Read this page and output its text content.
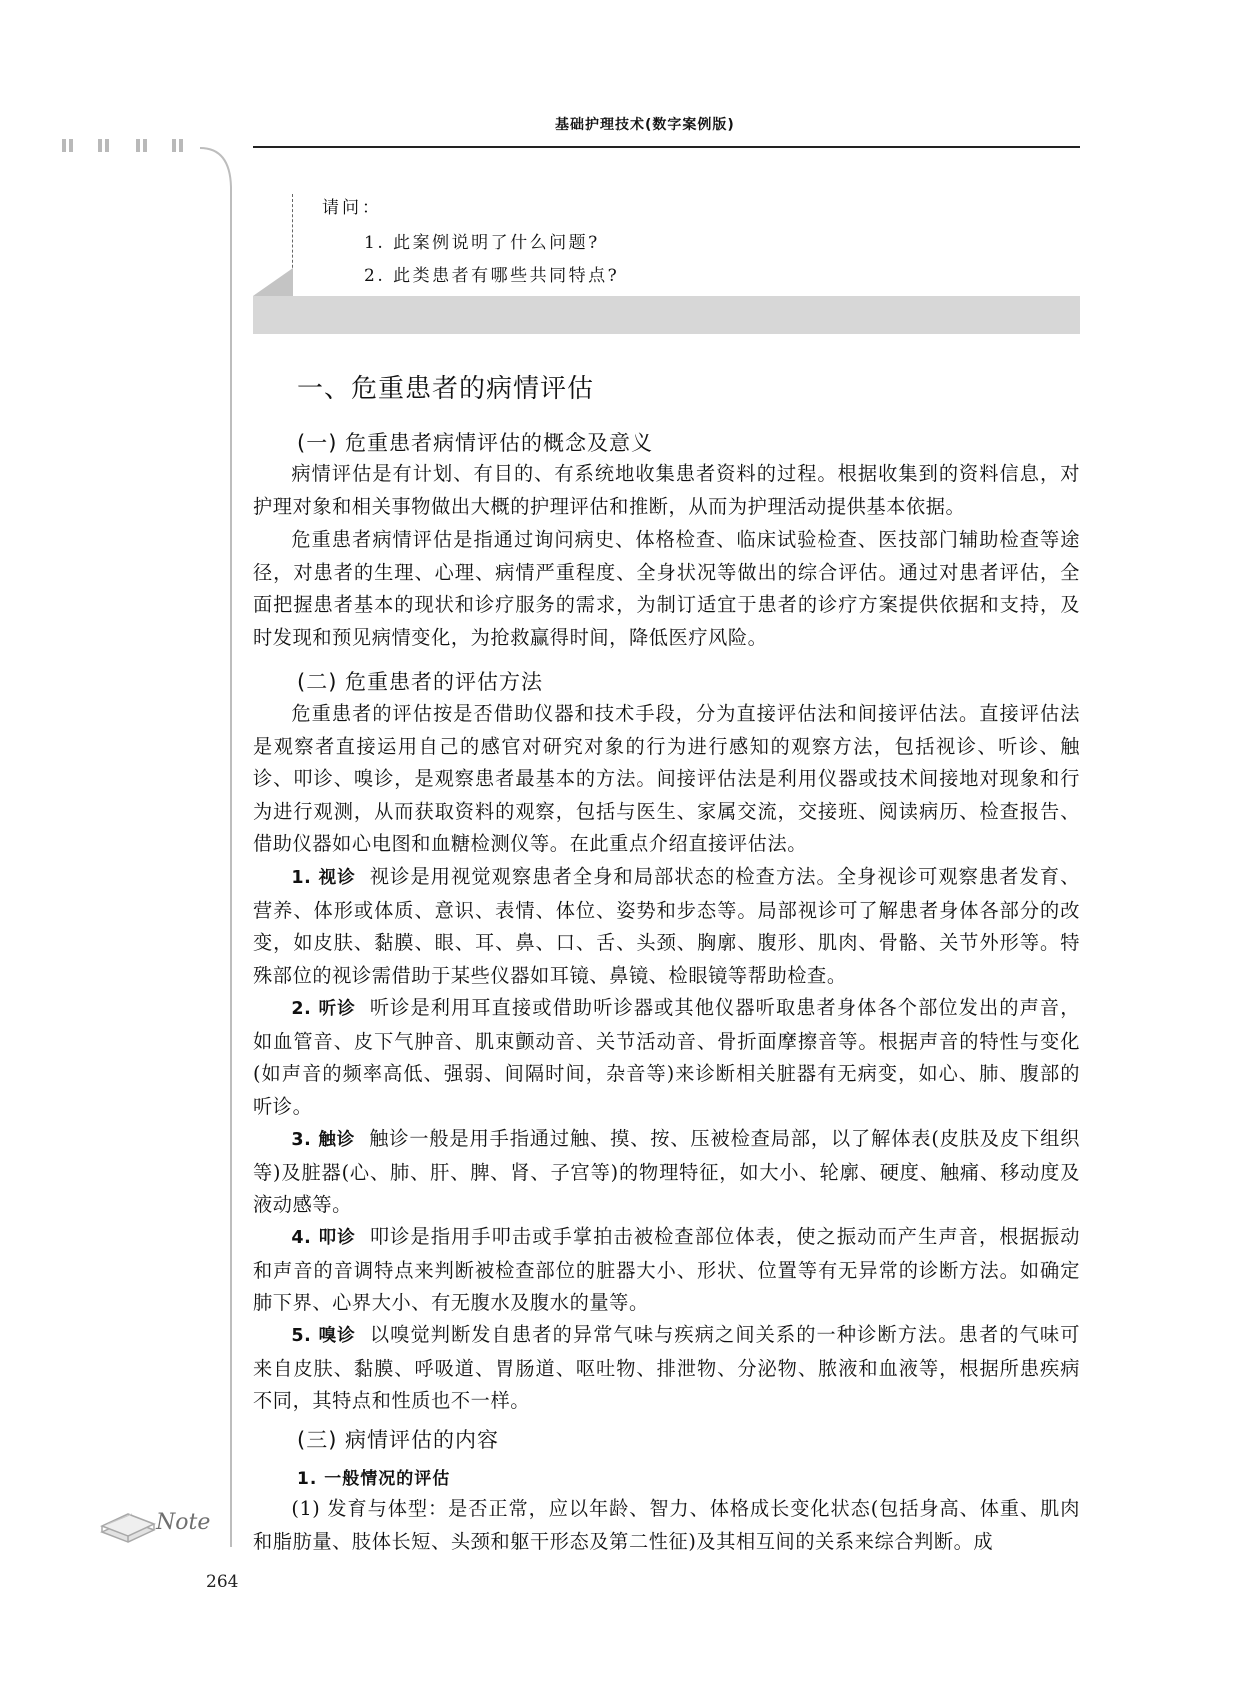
基础护理技术(数字案例版)
请问：
1. 此案例说明了什么问题?
2. 此类患者有哪些共同特点?
一、危重患者的病情评估
(一) 危重患者病情评估的概念及意义

病情评估是有计划、有目的、有系统地收集患者资料的过程。根据收集到的资料信息，对护理对象和相关事物做出大概的护理评估和推断，从而为护理活动提供基本依据。

危重患者病情评估是指通过询问病史、体格检查、临床试验检查、医技部门辅助检查等途径，对患者的生理、心理、病情严重程度、全身状况等做出的综合评估。通过对患者评估，全面把握患者基本的现状和诊疗服务的需求，为制订适宜于患者的诊疗方案提供依据和支持，及时发现和预见病情变化，为抢救赢得时间，降低医疗风险。

(二) 危重患者的评估方法

危重患者的评估按是否借助仪器和技术手段，分为直接评估法和间接评估法。直接评估法是观察者直接运用自己的感官对研究对象的行为进行感知的观察方法，包括视诊、听诊、触诊、叩诊、嗅诊，是观察患者最基本的方法。间接评估法是利用仪器或技术间接地对现象和行为进行观测，从而获取资料的观察，包括与医生、家属交流，交接班、阅读病历、检查报告、借助仪器如心电图和血糖检测仪等。在此重点介绍直接评估法。

1. 视诊 视诊是用视觉观察患者全身和局部状态的检查方法。全身视诊可观察患者发育、营养、体形或体质、意识、表情、体位、姿势和步态等。局部视诊可了解患者身体各部分的改变，如皮肤、黏膜、眼、耳、鼻、口、舌、头颈、胸廓、腹形、肌肉、骨骼、关节外形等。特殊部位的视诊需借助于某些仪器如耳镜、鼻镜、检眼镜等帮助检查。

2. 听诊 听诊是利用耳直接或借助听诊器或其他仪器听取患者身体各个部位发出的声音，如血管音、皮下气肿音、肌束颤动音、关节活动音、骨折面摩擦音等。根据声音的特性与变化(如声音的频率高低、强弱、间隔时间，杂音等)来诊断相关脏器有无病变，如心、肺、腹部的听诊。

3. 触诊 触诊一般是用手指通过触、摸、按、压被检查局部，以了解体表(皮肤及皮下组织等)及脏器(心、肺、肝、脾、肾、子宫等)的物理特征，如大小、轮廓、硬度、触痛、移动度及液动感等。

4. 叩诊 叩诊是指用手叩击或手掌拍击被检查部位体表，使之振动而产生声音，根据振动和声音的音调特点来判断被检查部位的脏器大小、形状、位置等有无异常的诊断方法。如确定肺下界、心界大小、有无腹水及腹水的量等。

5. 嗅诊 以嗅觉判断发自患者的异常气味与疾病之间关系的一种诊断方法。患者的气味可来自皮肤、黏膜、呼吸道、胃肠道、呕吐物、排泄物、分泌物、脓液和血液等，根据所患疾病不同，其特点和性质也不一样。

(三) 病情评估的内容
1. 一般情况的评估

(1) 发育与体型：是否正常，应以年龄、智力、体格成长变化状态(包括身高、体重、肌肉和脂肪量、肢体长短、头颈和躯干形态及第二性征)及其相互间的关系来综合判断。成

Note
264
